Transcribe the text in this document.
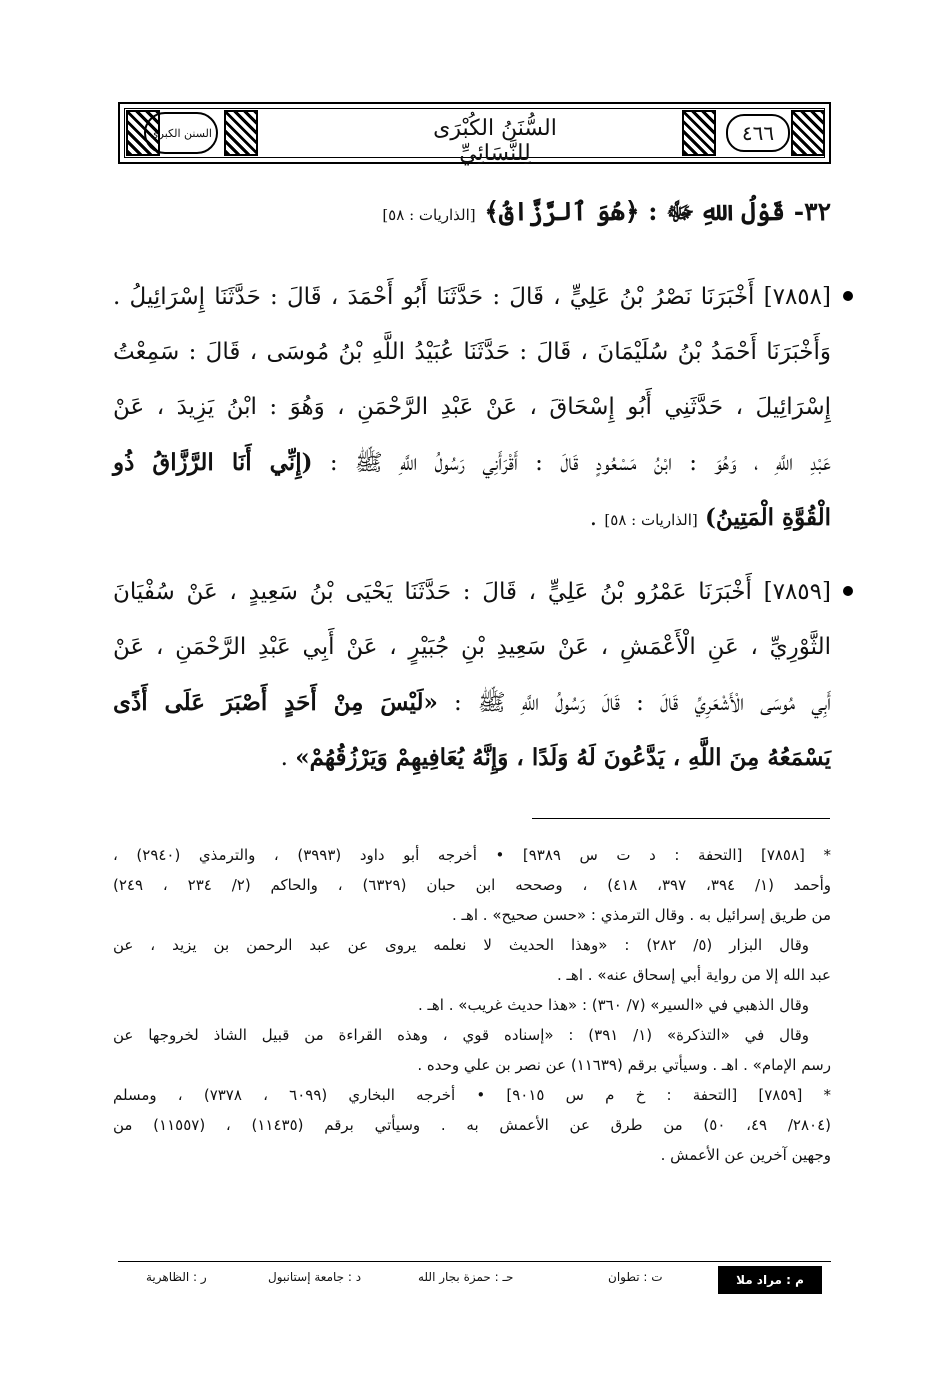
السنن الكبرى	السُّنَنُ الكُبْرَى لِلنَّسَائِيِّ
٤٦٦
٣٢- قَوْلُ اللهِ ﷻ : ﴿هُوَ ٱلرَّزَّاقُ﴾ [الذاريات : ٥٨]
[٧٨٥٨] أَخْبَرَنَا نَصْرُ بْنُ عَلِيٍّ ، قَالَ : حَدَّثَنَا أَبُو أَحْمَدَ ، قَالَ : حَدَّثَنَا إِسْرَائِيلُ .
وَأَخْبَرَنَا أَحْمَدُ بْنُ سُلَيْمَانَ ، قَالَ : حَدَّثَنَا عُبَيْدُ اللَّهِ بْنُ مُوسَى ، قَالَ : سَمِعْتُ
إِسْرَائِيلَ ، حَدَّثَنِي أَبُو إِسْحَاقَ ، عَنْ عَبْدِ الرَّحْمَنِ ، وَهُوَ : ابْنُ يَزِيدَ ، عَنْ
عَبْدِ اللَّهِ ، وَهُوَ : ابْنُ مَسْعُودٍ قَالَ : أَقْرَأَنِي رَسُولُ اللَّهِ ﷺ : (إِنِّي أَنَا الرَّزَّاقُ ذُو
الْقُوَّةِ الْمَتِينُ) [الذاريات : ٥٨] .
[٧٨٥٩] أَخْبَرَنَا عَمْرُو بْنُ عَلِيٍّ ، قَالَ : حَدَّثَنَا يَحْيَى بْنُ سَعِيدٍ ، عَنْ سُفْيَانَ
الثَّوْرِيِّ ، عَنِ الْأَعْمَشِ ، عَنْ سَعِيدِ بْنِ جُبَيْرٍ ، عَنْ أَبِي عَبْدِ الرَّحْمَنِ ، عَنْ
أَبِي مُوسَى الْأَشْعَرِيِّ قَالَ : قَالَ رَسُولُ اللَّهِ ﷺ : «لَيْسَ مِنْ أَحَدٍ أَصْبَرَ عَلَى أَذًى
يَسْمَعُهُ مِنَ اللَّهِ ، يَدَّعُونَ لَهُ وَلَدًا ، وَإِنَّهُ يُعَافِيهِمْ وَيَرْزُقُهُمْ» .
* [٧٨٥٨] [التحفة : د ت س ٩٣٨٩] • أخرجه أبو داود (٣٩٩٣) ، والترمذي (٢٩٤٠) ،
وأحمد (١/ ٣٩٤، ٣٩٧، ٤١٨) ، وصححه ابن حبان (٦٣٢٩) ، والحاكم (٢/ ٢٣٤ ، ٢٤٩)
من طريق إسرائيل به . وقال الترمذي : «حسن صحيح» . اهـ .
وقال البزار (٥/ ٢٨٢) : «وهذا الحديث لا نعلمه يروى عن عبد الرحمن بن يزيد ، عن
عبد الله إلا من رواية أبي إسحاق عنه» . اهـ .
وقال الذهبي في «السير» (٧/ ٣٦٠) : «هذا حديث غريب» . اهـ .
وقال في «التذكرة» (١/ ٣٩١) : «إسناده قوي ، وهذه القراءة من قبيل الشاذ لخروجها عن
رسم الإمام» . اهـ . وسيأتي برقم (١١٦٣٩) عن نصر بن علي وحده .
* [٧٨٥٩] [التحفة : خ م س ٩٠١٥] • أخرجه البخاري (٦٠٩٩ ، ٧٣٧٨) ، ومسلم
(٢٨٠٤/ ٤٩، ٥٠) من طرق عن الأعمش به . وسيأتي برقم (١١٤٣٥) ، (١١٥٥٧) من
وجهين آخرين عن الأعمش .
م : مراد ملا
ت : تطوان
حـ : حمزة بجار الله
د : جامعة إستانبول
ر : الظاهرية
